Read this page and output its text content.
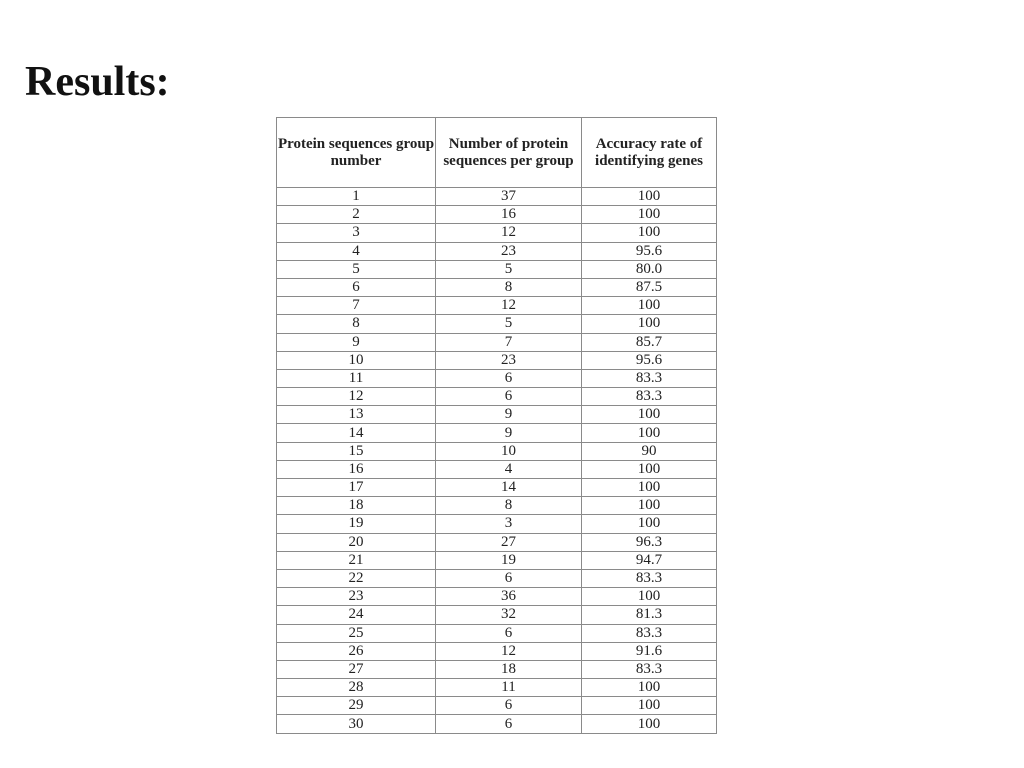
Results:
Protein sequences group number	Number of protein sequences per group	Accuracy rate of identifying genes
1	37	100
2	16	100
3	12	100
4	23	95.6
5	5	80.0
6	8	87.5
7	12	100
8	5	100
9	7	85.7
10	23	95.6
11	6	83.3
12	6	83.3
13	9	100
14	9	100
15	10	90
16	4	100
17	14	100
18	8	100
19	3	100
20	27	96.3
21	19	94.7
22	6	83.3
23	36	100
24	32	81.3
25	6	83.3
26	12	91.6
27	18	83.3
28	11	100
29	6	100
30	6	100
